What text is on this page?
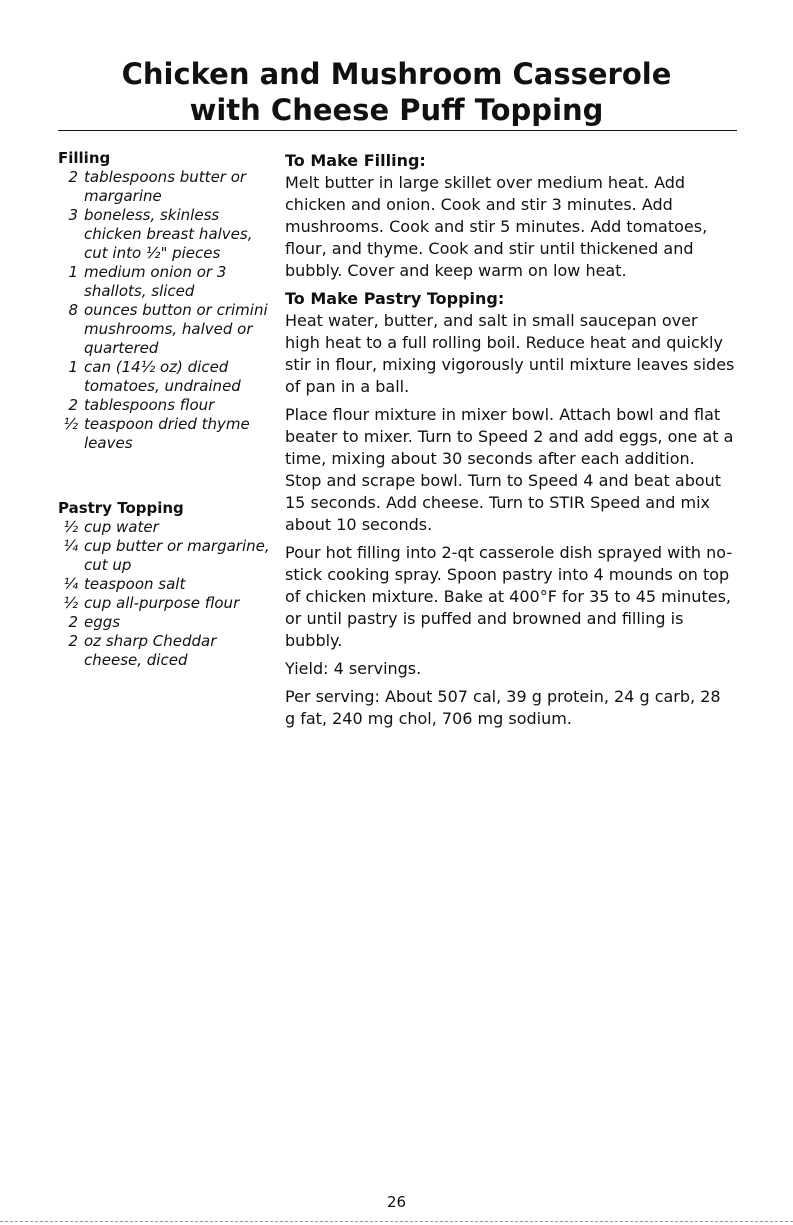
Chicken and Mushroom Casserole
with Cheese Puff Topping
Filling
2 tablespoons butter or margarine
3 boneless, skinless chicken breast halves, cut into ½" pieces
1 medium onion or 3 shallots, sliced
8 ounces button or crimini mushrooms, halved or quartered
1 can (14½ oz) diced tomatoes, undrained
2 tablespoons flour
½ teaspoon dried thyme leaves
Pastry Topping
½ cup water
¼ cup butter or margarine, cut up
¼ teaspoon salt
½ cup all-purpose flour
2 eggs
2 oz sharp Cheddar cheese, diced
To Make Filling:

Melt butter in large skillet over medium heat. Add chicken and onion. Cook and stir 3 minutes. Add mushrooms. Cook and stir 5 minutes. Add tomatoes, flour, and thyme. Cook and stir until thickened and bubbly. Cover and keep warm on low heat.

To Make Pastry Topping:

Heat water, butter, and salt in small saucepan over high heat to a full rolling boil. Reduce heat and quickly stir in flour, mixing vigorously until mixture leaves sides of pan in a ball.

Place flour mixture in mixer bowl. Attach bowl and flat beater to mixer. Turn to Speed 2 and add eggs, one at a time, mixing about 30 seconds after each addition. Stop and scrape bowl. Turn to Speed 4 and beat about 15 seconds. Add cheese. Turn to STIR Speed and mix about 10 seconds.

Pour hot filling into 2-qt casserole dish sprayed with no-stick cooking spray. Spoon pastry into 4 mounds on top of chicken mixture. Bake at 400°F for 35 to 45 minutes, or until pastry is puffed and browned and filling is bubbly.

Yield: 4 servings.

Per serving: About 507 cal, 39 g protein, 24 g carb, 28 g fat, 240 mg chol, 706 mg sodium.

26
